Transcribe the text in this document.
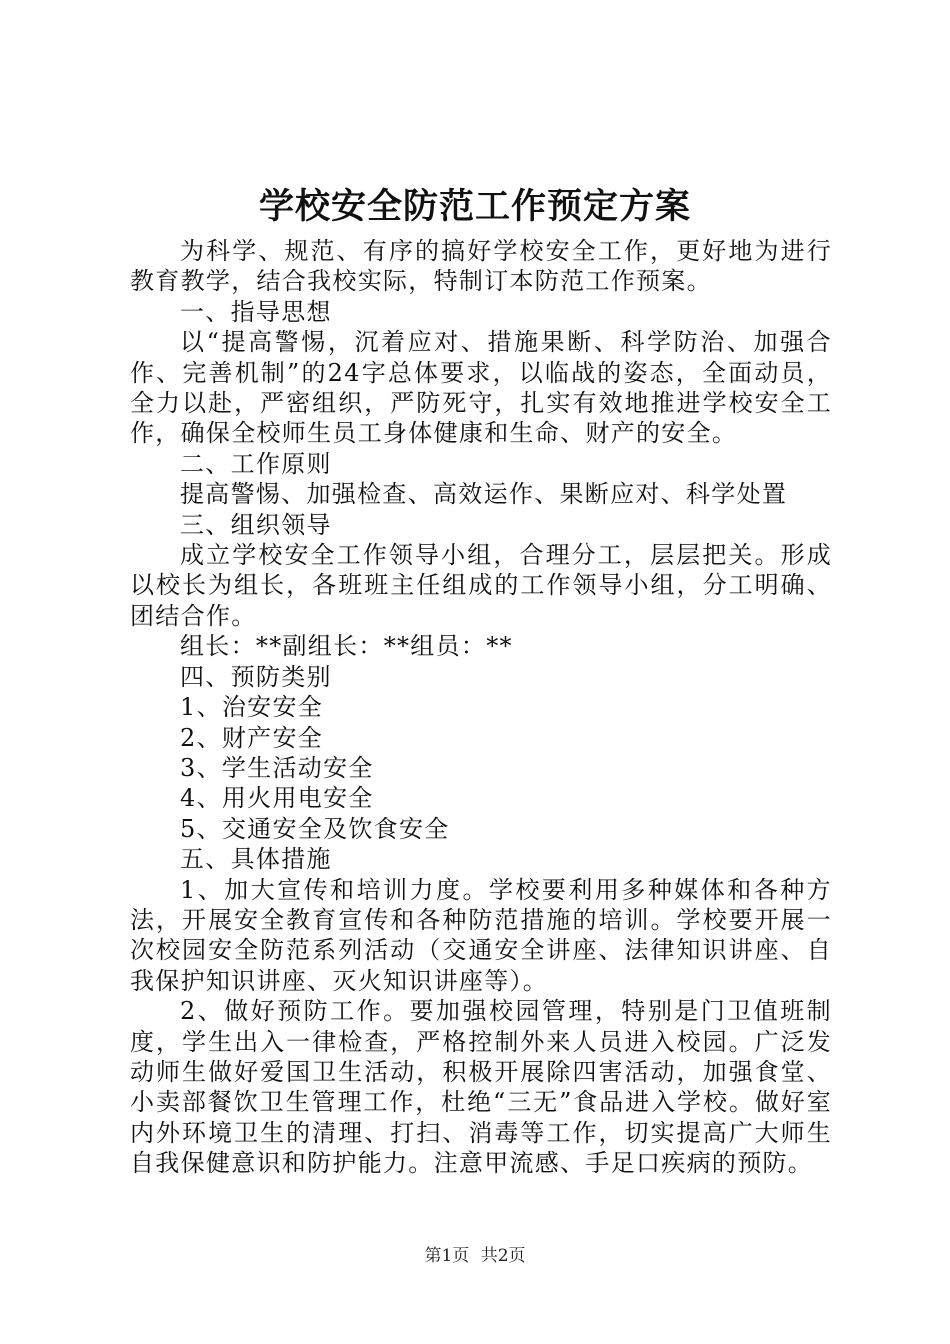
学校安全防范工作预定方案

为科学、规范、有序的搞好学校安全工作，更好地为进行教育教学，结合我校实际，特制订本防范工作预案。

一、指导思想

以“提高警惕，沉着应对、措施果断、科学防治、加强合作、完善机制”的24字总体要求，以临战的姿态，全面动员，全力以赴，严密组织，严防死守，扎实有效地推进学校安全工作，确保全校师生员工身体健康和生命、财产的安全。

二、工作原则

提高警惕、加强检查、高效运作、果断应对、科学处置

三、组织领导

成立学校安全工作领导小组，合理分工，层层把关。形成以校长为组长，各班班主任组成的工作领导小组，分工明确、团结合作。

组长：**副组长：**组员：**

四、预防类别

1、治安安全

2、财产安全

3、学生活动安全

4、用火用电安全

5、交通安全及饮食安全

五、具体措施

1、加大宣传和培训力度。学校要利用多种媒体和各种方法，开展安全教育宣传和各种防范措施的培训。学校要开展一次校园安全防范系列活动（交通安全讲座、法律知识讲座、自我保护知识讲座、灭火知识讲座等）。

2、做好预防工作。要加强校园管理，特别是门卫值班制度，学生出入一律检查，严格控制外来人员进入校园。广泛发动师生做好爱国卫生活动，积极开展除四害活动，加强食堂、小卖部餐饮卫生管理工作，杜绝“三无”食品进入学校。做好室内外环境卫生的清理、打扫、消毒等工作，切实提高广大师生自我保健意识和防护能力。注意甲流感、手足口疾病的预防。

第1页 共2页
